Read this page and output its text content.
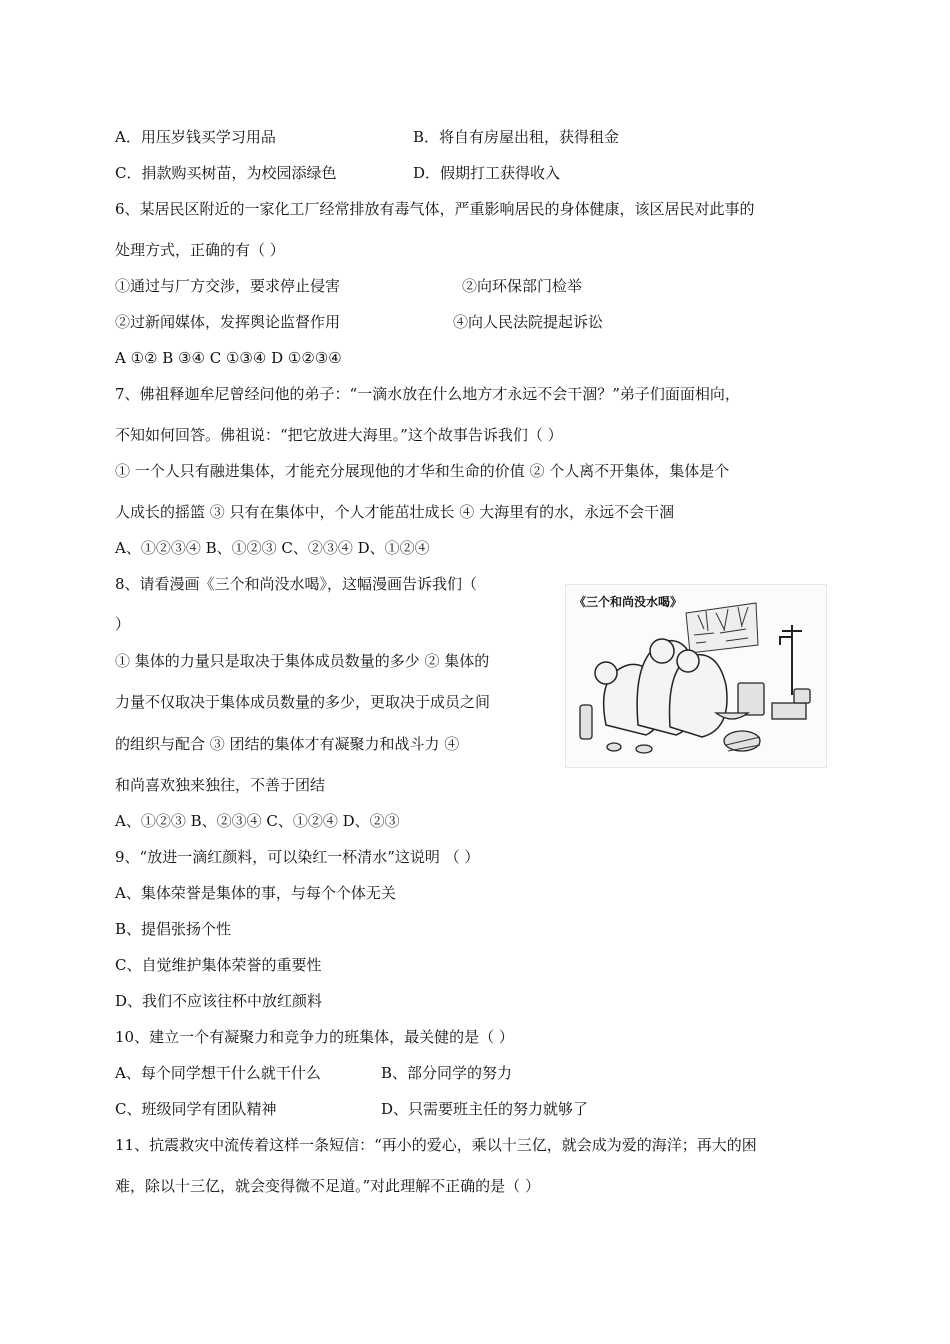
A．用压岁钱买学习用品	B．将自有房屋出租，获得租金
C．捐款购买树苗，为校园添绿色	D．假期打工获得收入
6、某居民区附近的一家化工厂经常排放有毒气体，严重影响居民的身体健康，该区居民对此事的
处理方式，正确的有（ ）
①通过与厂方交涉，要求停止侵害	②向环保部门检举
②过新闻媒体，发挥舆论监督作用	④向人民法院提起诉讼
A ①② B ③④ C ①③④ D ①②③④
7、佛祖释迦牟尼曾经问他的弟子：“一滴水放在什么地方才永远不会干涸？”弟子们面面相向，
不知如何回答。佛祖说：“把它放进大海里。”这个故事告诉我们（ ）
① 一个人只有融进集体，才能充分展现他的才华和生命的价值 ② 个人离不开集体，集体是个
人成长的摇篮 ③ 只有在集体中，个人才能茁壮成长 ④ 大海里有的水，永远不会干涸
A、①②③④ B、①②③ C、②③④ D、①②④
8、请看漫画《三个和尚没水喝》，这幅漫画告诉我们（
）
① 集体的力量只是取决于集体成员数量的多少 ② 集体的
力量不仅取决于集体成员数量的多少，更取决于成员之间
的组织与配合 ③ 团结的集体才有凝聚力和战斗力 ④
和尚喜欢独来独往，不善于团结
A、①②③ B、②③④ C、①②④ D、②③
《三个和尚没水喝》
9、“放进一滴红颜料，可以染红一杯清水”这说明 （ ）
A、集体荣誉是集体的事，与每个个体无关
B、提倡张扬个性
C、自觉维护集体荣誉的重要性
D、我们不应该往杯中放红颜料
10、建立一个有凝聚力和竞争力的班集体，最关健的是（ ）
A、每个同学想干什么就干什么	B、部分同学的努力
C、班级同学有团队精神	D、只需要班主任的努力就够了
11、抗震救灾中流传着这样一条短信：“再小的爱心，乘以十三亿，就会成为爱的海洋；再大的困
难，除以十三亿，就会变得微不足道。”对此理解不正确的是（ ）
